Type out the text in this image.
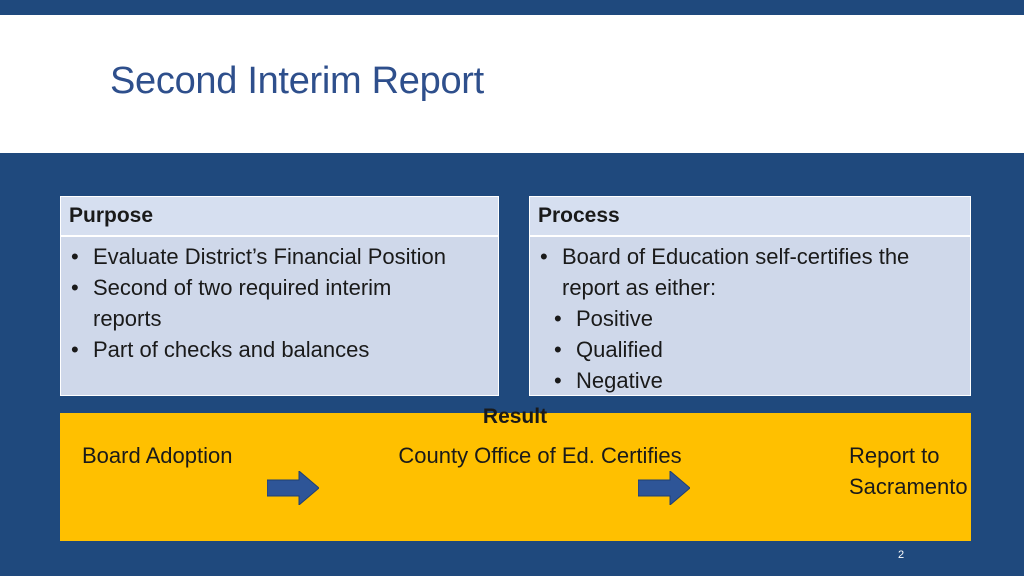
Second Interim Report
Purpose
• Evaluate District’s Financial Position
• Second of two required interim reports
• Part of checks and balances
Process
• Board of Education self-certifies the report as either:
• Positive
• Qualified
• Negative
Result
Board Adoption	County Office of Ed. Certifies	Report to Sacramento
2
